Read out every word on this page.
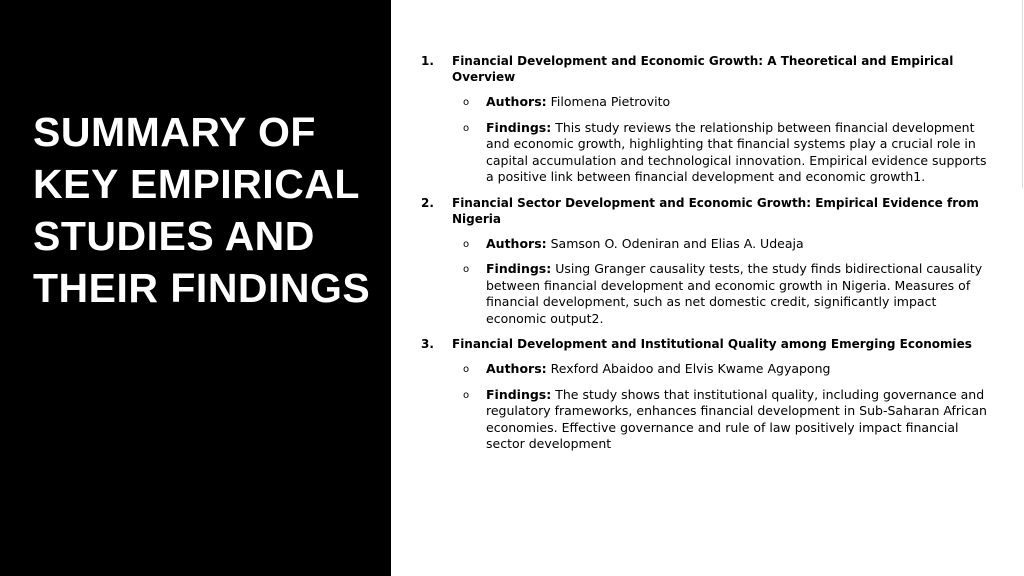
SUMMARY OF KEY EMPIRICAL STUDIES AND THEIR FINDINGS
1. Financial Development and Economic Growth: A Theoretical and Empirical Overview

o Authors: Filomena Pietrovito

o Findings: This study reviews the relationship between financial development and economic growth, highlighting that financial systems play a crucial role in capital accumulation and technological innovation. Empirical evidence supports a positive link between financial development and economic growth1.

2. Financial Sector Development and Economic Growth: Empirical Evidence from Nigeria

o Authors: Samson O. Odeniran and Elias A. Udeaja

o Findings: Using Granger causality tests, the study finds bidirectional causality between financial development and economic growth in Nigeria. Measures of financial development, such as net domestic credit, significantly impact economic output2.

3. Financial Development and Institutional Quality among Emerging Economies

o Authors: Rexford Abaidoo and Elvis Kwame Agyapong

o Findings: The study shows that institutional quality, including governance and regulatory frameworks, enhances financial development in Sub-Saharan African economies. Effective governance and rule of law positively impact financial sector development
